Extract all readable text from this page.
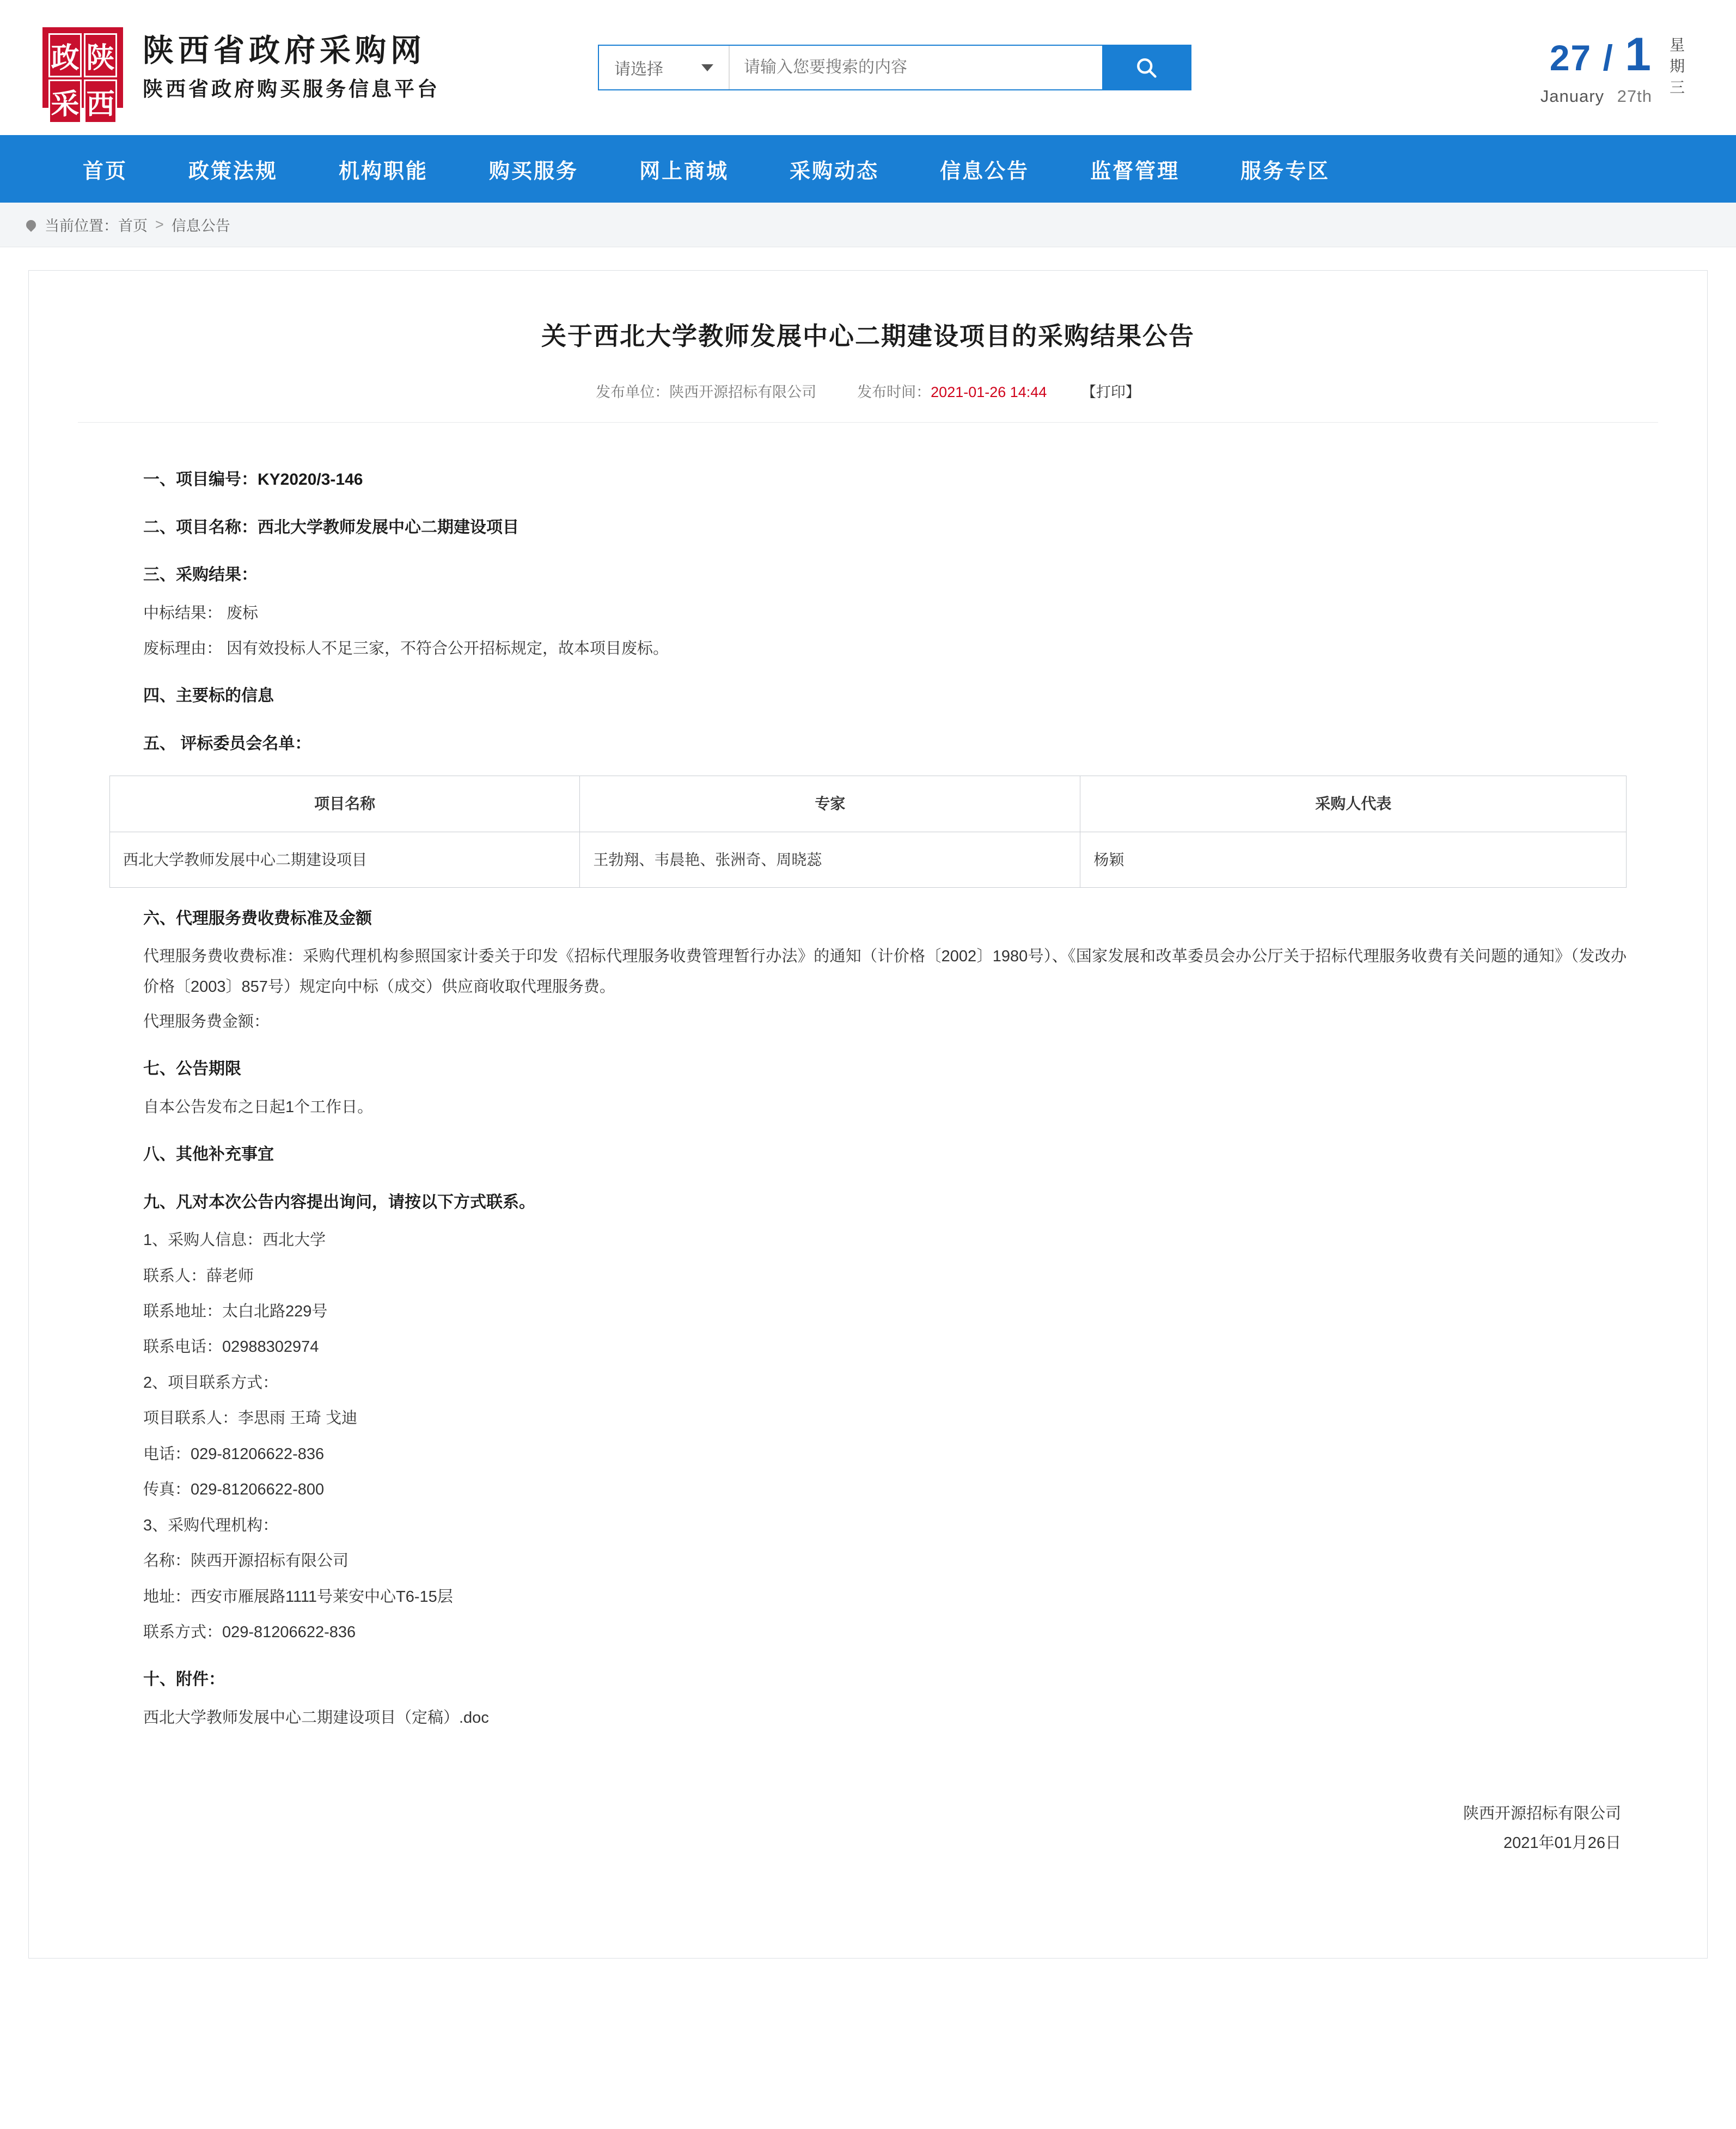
政 陕
采 西
陕西省政府采购网
陕西省政府购买服务信息平台
请选择
请输入您要搜索的内容	27 / 1
January 27th
星
期
三
首页	政策法规	机构职能	购买服务	网上商城	采购动态	信息公告	监督管理	服务专区
当前位置： 首页 > 信息公告
关于西北大学教师发展中心二期建设项目的采购结果公告
发布单位：陕西开源招标有限公司	发布时间：2021-01-26 14:44 【打印】
一、项目编号：KY2020/3-146
二、项目名称：西北大学教师发展中心二期建设项目
三、采购结果：
中标结果： 废标
废标理由： 因有效投标人不足三家，不符合公开招标规定，故本项目废标。
四、主要标的信息
五、 评标委员会名单：
项目名称	专家	采购人代表
西北大学教师发展中心二期建设项目	王勃翔、韦晨艳、张洲奇、周晓蕊	杨颖
六、代理服务费收费标准及金额
代理服务费收费标准：采购代理机构参照国家计委关于印发《招标代理服务收费管理暂行办法》的通知（计价格〔2002〕1980号）、《国家发展和改革委员会办公厅关于招标代理服务收费有关问题的通知》（发改办价格〔2003〕857号）规定向中标（成交）供应商收取代理服务费。
代理服务费金额：
七、公告期限
自本公告发布之日起1个工作日。
八、其他补充事宜
九、凡对本次公告内容提出询问，请按以下方式联系。
1、采购人信息：西北大学
联系人：薛老师
联系地址：太白北路229号
联系电话：02988302974
2、项目联系方式：
项目联系人：李思雨 王琦 戈迪
电话：029-81206622-836
传真：029-81206622-800
3、采购代理机构：
名称：陕西开源招标有限公司
地址：西安市雁展路1111号莱安中心T6-15层
联系方式：029-81206622-836
十、附件：
西北大学教师发展中心二期建设项目（定稿）.doc
陕西开源招标有限公司
2021年01月26日
